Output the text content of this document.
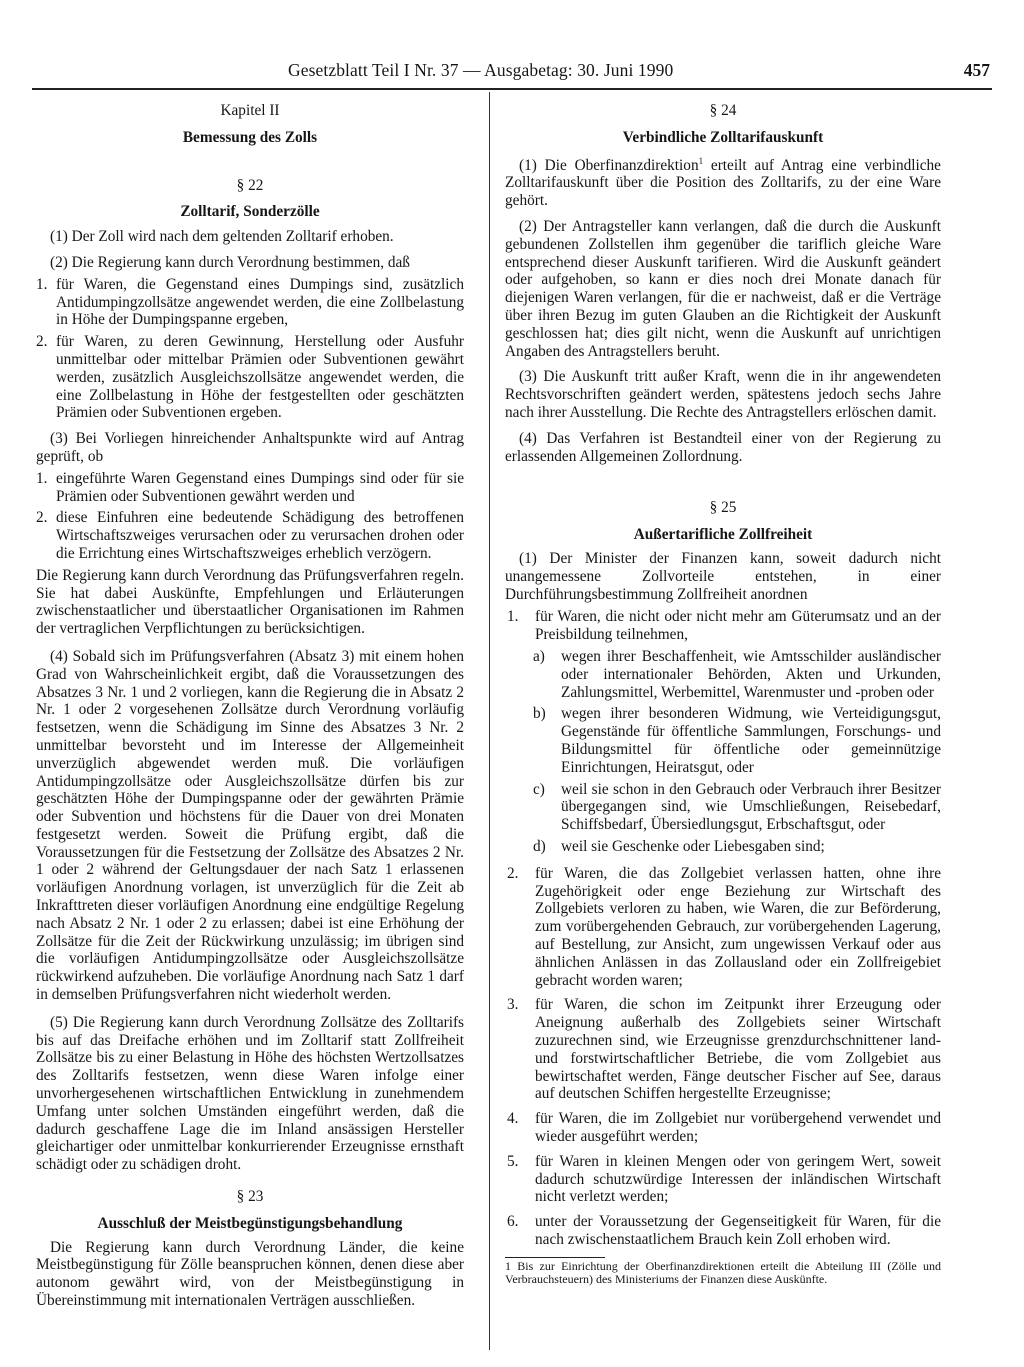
Gesetzblatt Teil I Nr. 37 — Ausgabetag: 30. Juni 1990	457
Kapitel II
Bemessung des Zolls
§ 22
Zolltarif, Sonderzölle

(1) Der Zoll wird nach dem geltenden Zolltarif erhoben.

(2) Die Regierung kann durch Verordnung bestimmen, daß

1. für Waren, die Gegenstand eines Dumpings sind, zusätzlich Antidumpingzollsätze angewendet werden, die eine Zollbelastung in Höhe der Dumpingspanne ergeben,
2. für Waren, zu deren Gewinnung, Herstellung oder Ausfuhr unmittelbar oder mittelbar Prämien oder Subventionen gewährt werden, zusätzlich Ausgleichszollsätze angewendet werden, die eine Zollbelastung in Höhe der festgestellten oder geschätzten Prämien oder Subventionen ergeben.

(3) Bei Vorliegen hinreichender Anhaltspunkte wird auf Antrag geprüft, ob

1. eingeführte Waren Gegenstand eines Dumpings sind oder für sie Prämien oder Subventionen gewährt werden und
2. diese Einfuhren eine bedeutende Schädigung des betroffenen Wirtschaftszweiges verursachen oder zu verursachen drohen oder die Errichtung eines Wirtschaftszweiges erheblich verzögern.

Die Regierung kann durch Verordnung das Prüfungsverfahren regeln. Sie hat dabei Auskünfte, Empfehlungen und Erläuterungen zwischenstaatlicher und überstaatlicher Organisationen im Rahmen der vertraglichen Verpflichtungen zu berücksichtigen.

(4) Sobald sich im Prüfungsverfahren (Absatz 3) mit einem hohen Grad von Wahrscheinlichkeit ergibt, daß die Voraussetzungen des Absatzes 3 Nr. 1 und 2 vorliegen, kann die Regierung die in Absatz 2 Nr. 1 oder 2 vorgesehenen Zollsätze durch Verordnung vorläufig festsetzen, wenn die Schädigung im Sinne des Absatzes 3 Nr. 2 unmittelbar bevorsteht und im Interesse der Allgemeinheit unverzüglich abgewendet werden muß. Die vorläufigen Antidumpingzollsätze oder Ausgleichszollsätze dürfen bis zur geschätzten Höhe der Dumpingspanne oder der gewährten Prämie oder Subvention und höchstens für die Dauer von drei Monaten festgesetzt werden. Soweit die Prüfung ergibt, daß die Voraussetzungen für die Festsetzung der Zollsätze des Absatzes 2 Nr. 1 oder 2 während der Geltungsdauer der nach Satz 1 erlassenen vorläufigen Anordnung vorlagen, ist unverzüglich für die Zeit ab Inkrafttreten dieser vorläufigen Anordnung eine endgültige Regelung nach Absatz 2 Nr. 1 oder 2 zu erlassen; dabei ist eine Erhöhung der Zollsätze für die Zeit der Rückwirkung unzulässig; im übrigen sind die vorläufigen Antidumpingzollsätze oder Ausgleichszollsätze rückwirkend aufzuheben. Die vorläufige Anordnung nach Satz 1 darf in demselben Prüfungsverfahren nicht wiederholt werden.

(5) Die Regierung kann durch Verordnung Zollsätze des Zolltarifs bis auf das Dreifache erhöhen und im Zolltarif statt Zollfreiheit Zollsätze bis zu einer Belastung in Höhe des höchsten Wertzollsatzes des Zolltarifs festsetzen, wenn diese Waren infolge einer unvorhergesehenen wirtschaftlichen Entwicklung in zunehmendem Umfang unter solchen Umständen eingeführt werden, daß die dadurch geschaffene Lage die im Inland ansässigen Hersteller gleichartiger oder unmittelbar konkurrierender Erzeugnisse ernsthaft schädigt oder zu schädigen droht.

§ 23
Ausschluß der Meistbegünstigungsbehandlung

Die Regierung kann durch Verordnung Länder, die keine Meistbegünstigung für Zölle beanspruchen können, denen diese aber autonom gewährt wird, von der Meistbegünstigung in Übereinstimmung mit internationalen Verträgen ausschließen.

§ 24
Verbindliche Zolltarifauskunft

(1) Die Oberfinanzdirektion$^1$ erteilt auf Antrag eine verbindliche Zolltarifauskunft über die Position des Zolltarifs, zu der eine Ware gehört.

(2) Der Antragsteller kann verlangen, daß die durch die Auskunft gebundenen Zollstellen ihm gegenüber die tariflich gleiche Ware entsprechend dieser Auskunft tarifieren. Wird die Auskunft geändert oder aufgehoben, so kann er dies noch drei Monate danach für diejenigen Waren verlangen, für die er nachweist, daß er die Verträge über ihren Bezug im guten Glauben an die Richtigkeit der Auskunft geschlossen hat; dies gilt nicht, wenn die Auskunft auf unrichtigen Angaben des Antragstellers beruht.

(3) Die Auskunft tritt außer Kraft, wenn die in ihr angewendeten Rechtsvorschriften geändert werden, spätestens jedoch sechs Jahre nach ihrer Ausstellung. Die Rechte des Antragstellers erlöschen damit.

(4) Das Verfahren ist Bestandteil einer von der Regierung zu erlassenden Allgemeinen Zollordnung.

§ 25
Außertarifliche Zollfreiheit

(1) Der Minister der Finanzen kann, soweit dadurch nicht unangemessene Zollvorteile entstehen, in einer Durchführungsbestimmung Zollfreiheit anordnen

1. für Waren, die nicht oder nicht mehr am Güterumsatz und an der Preisbildung teilnehmen,
a) wegen ihrer Beschaffenheit, wie Amtsschilder ausländischer oder internationaler Behörden, Akten und Urkunden, Zahlungsmittel, Werbemittel, Warenmuster und -proben oder
b) wegen ihrer besonderen Widmung, wie Verteidigungsgut, Gegenstände für öffentliche Sammlungen, Forschungs- und Bildungsmittel für öffentliche oder gemeinnützige Einrichtungen, Heiratsgut, oder
c) weil sie schon in den Gebrauch oder Verbrauch ihrer Besitzer übergegangen sind, wie Umschließungen, Reisebedarf, Schiffsbedarf, Übersiedlungsgut, Erbschaftsgut, oder
d) weil sie Geschenke oder Liebesgaben sind;
2. für Waren, die das Zollgebiet verlassen hatten, ohne ihre Zugehörigkeit oder enge Beziehung zur Wirtschaft des Zollgebiets verloren zu haben, wie Waren, die zur Beförderung, zum vorübergehenden Gebrauch, zur vorübergehenden Lagerung, auf Bestellung, zur Ansicht, zum ungewissen Verkauf oder aus ähnlichen Anlässen in das Zollausland oder ein Zollfreigebiet gebracht worden waren;
3. für Waren, die schon im Zeitpunkt ihrer Erzeugung oder Aneignung außerhalb des Zollgebiets seiner Wirtschaft zuzurechnen sind, wie Erzeugnisse grenzdurchschnittener land- und forstwirtschaftlicher Betriebe, die vom Zollgebiet aus bewirtschaftet werden, Fänge deutscher Fischer auf See, daraus auf deutschen Schiffen hergestellte Erzeugnisse;
4. für Waren, die im Zollgebiet nur vorübergehend verwendet und wieder ausgeführt werden;
5. für Waren in kleinen Mengen oder von geringem Wert, soweit dadurch schutzwürdige Interessen der inländischen Wirtschaft nicht verletzt werden;
6. unter der Voraussetzung der Gegenseitigkeit für Waren, für die nach zwischenstaatlichem Brauch kein Zoll erhoben wird.
1 Bis zur Einrichtung der Oberfinanzdirektionen erteilt die Abteilung III (Zölle und Verbrauchsteuern) des Ministeriums der Finanzen diese Auskünfte.
